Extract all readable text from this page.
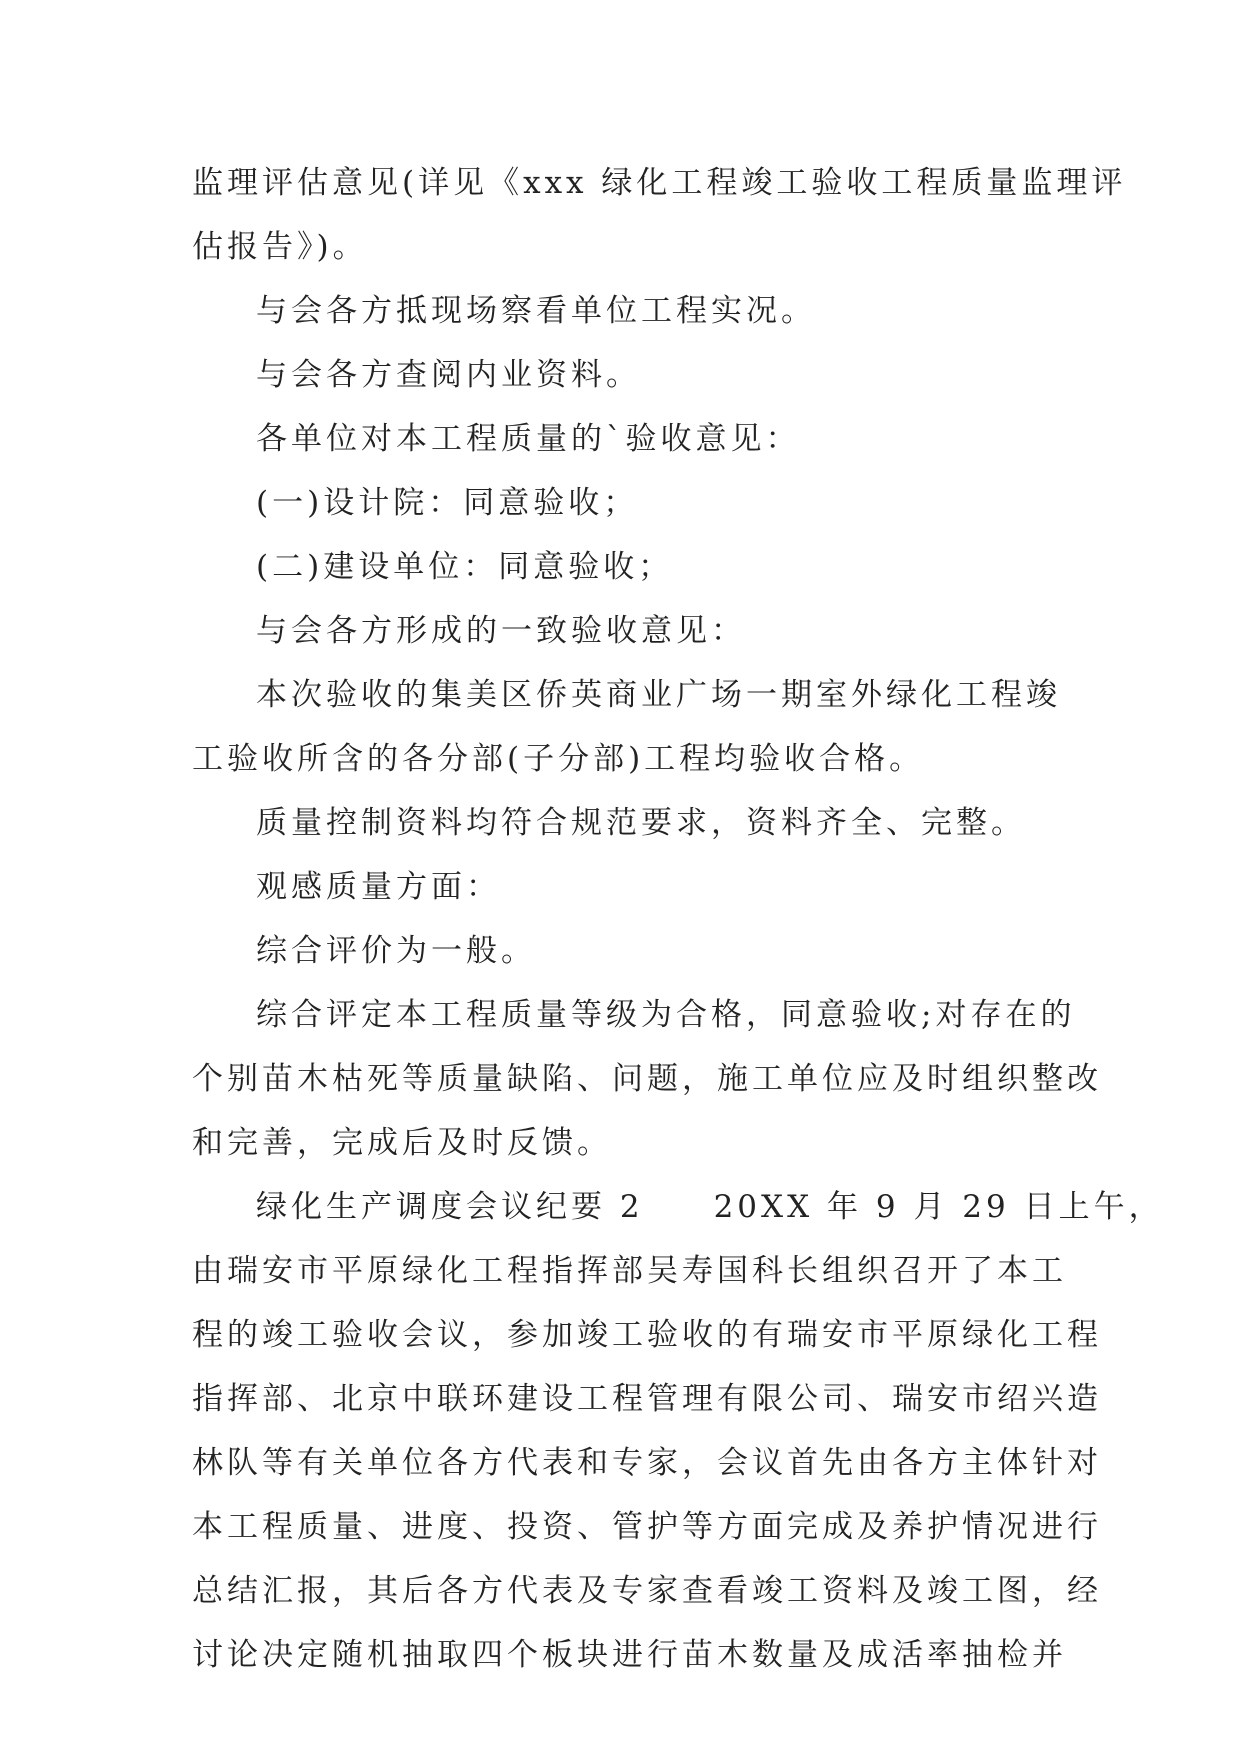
监理评估意见(详见《xxx 绿化工程竣工验收工程质量监理评

估报告》)。

与会各方抵现场察看单位工程实况。

与会各方查阅内业资料。

各单位对本工程质量的`验收意见：

(一)设计院：同意验收；

(二)建设单位：同意验收；

与会各方形成的一致验收意见：

本次验收的集美区侨英商业广场一期室外绿化工程竣

工验收所含的各分部(子分部)工程均验收合格。

质量控制资料均符合规范要求，资料齐全、完整。

观感质量方面：

综合评价为一般。

综合评定本工程质量等级为合格，同意验收;对存在的

个别苗木枯死等质量缺陷、问题，施工单位应及时组织整改

和完善，完成后及时反馈。

绿化生产调度会议纪要 2　　20XX 年 9 月 29 日上午，

由瑞安市平原绿化工程指挥部吴寿国科长组织召开了本工

程的竣工验收会议，参加竣工验收的有瑞安市平原绿化工程

指挥部、北京中联环建设工程管理有限公司、瑞安市绍兴造

林队等有关单位各方代表和专家，会议首先由各方主体针对

本工程质量、进度、投资、管护等方面完成及养护情况进行

总结汇报，其后各方代表及专家查看竣工资料及竣工图，经

讨论决定随机抽取四个板块进行苗木数量及成活率抽检并
